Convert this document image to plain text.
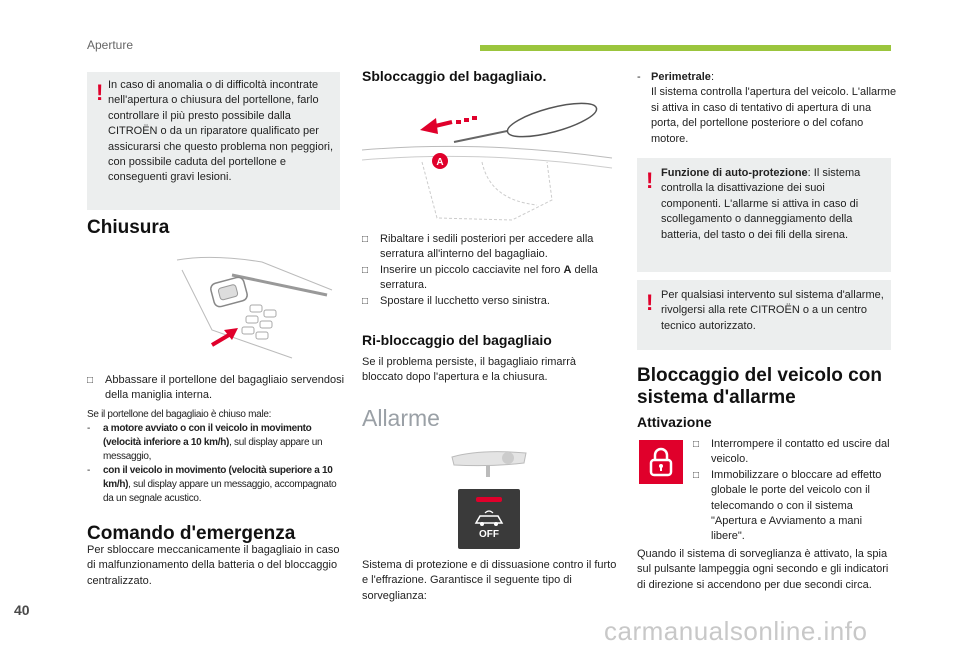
Aperture
! In caso di anomalia o di difficoltà incontrate nell'apertura o chiusura del portellone, farlo controllare il più presto possibile dalla CITROËN o da un riparatore qualificato per assicurarsi che questo problema non peggiori, con possibile caduta del portellone e conseguenti gravi lesioni.

Chiusura
□ Abbassare il portellone del bagagliaio servendosi della maniglia interna.

Se il portellone del bagagliaio è chiuso male:

- a motore avviato o con il veicolo in movimento (velocità inferiore a 10 km/h), sul display appare un messaggio,
- con il veicolo in movimento (velocità superiore a 10 km/h), sul display appare un messaggio, accompagnato da un segnale acustico.
Comando d'emergenza

Per sbloccare meccanicamente il bagagliaio in caso di malfunzionamento della batteria o del bloccaggio centralizzato.

Sbloccaggio del bagagliaio.
A
□ Ribaltare i sedili posteriori per accedere alla serratura all'interno del bagagliaio.
□ Inserire un piccolo cacciavite nel foro A della serratura.
□ Spostare il lucchetto verso sinistra.
Ri-bloccaggio del bagagliaio

Se il problema persiste, il bagagliaio rimarrà bloccato dopo l'apertura e la chiusura.

Allarme
OFF

Sistema di protezione e di dissuasione contro il furto e l'effrazione. Garantisce il seguente tipo di sorveglianza:

- Perimetrale:
Il sistema controlla l'apertura del veicolo. L'allarme si attiva in caso di tentativo di apertura di una porta, del portellone posteriore o del cofano motore.
! Funzione di auto-protezione: Il sistema controlla la disattivazione dei suoi componenti. L'allarme si attiva in caso di scollegamento o danneggiamento della batteria, del tasto o dei fili della sirena.

! Per qualsiasi intervento sul sistema d'allarme, rivolgersi alla rete CITROËN o a un centro tecnico autorizzato.

Bloccaggio del veicolo con
sistema d'allarme
Attivazione
□ Interrompere il contatto ed uscire dal veicolo.
□ Immobilizzare o bloccare ad effetto globale le porte del veicolo con il telecomando o con il sistema "Apertura e Avviamento a mani libere".

Quando il sistema di sorveglianza è attivato, la spia sul pulsante lampeggia ogni secondo e gli indicatori di direzione si accendono per due secondi circa.

40
carmanualsonline.info
